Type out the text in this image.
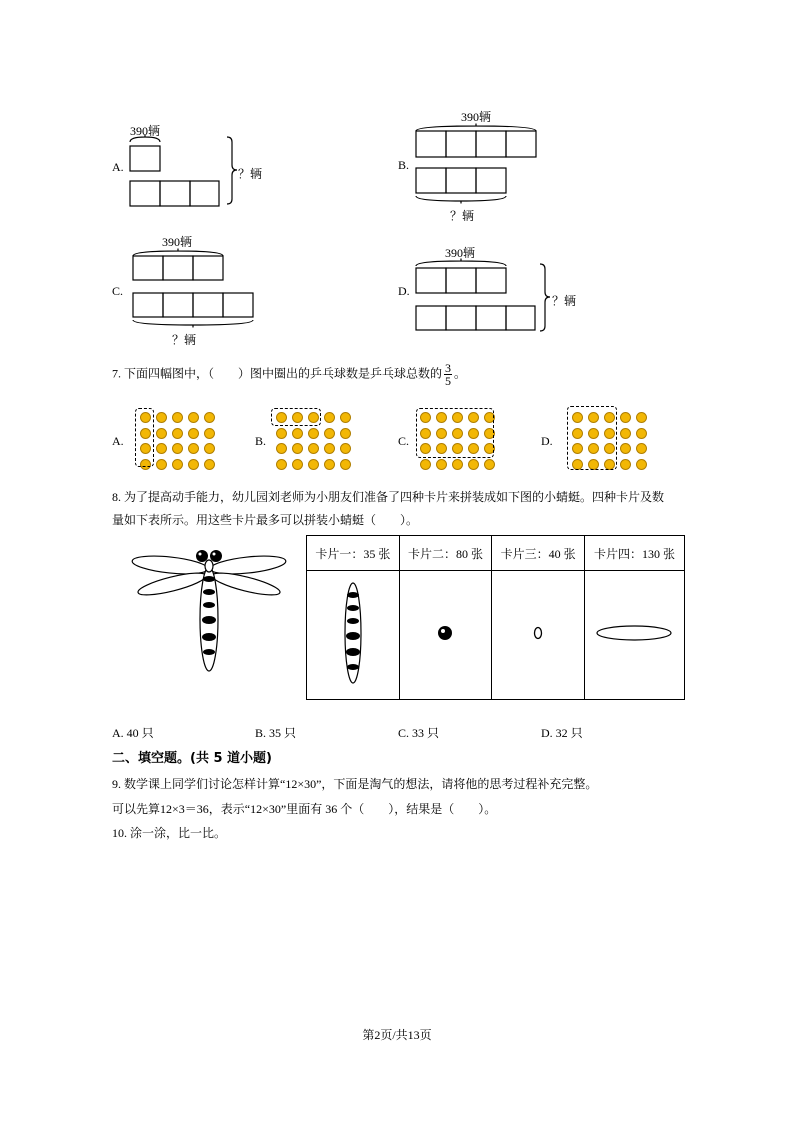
A.
390辆
？辆
B.
390辆
？辆
C.
390辆
？辆
D.
390辆
？辆
7. 下面四幅图中，（　　）图中圈出的乒乓球数是乒乓球总数的 $\frac{3}{5}$ 。
A.	B.	C.	D.
8. 为了提高动手能力，幼儿园刘老师为小朋友们准备了四种卡片来拼装成如下图的小蜻蜓。四种卡片及数
量如下表所示。用这些卡片最多可以拼装小蜻蜓（　　）。
卡片一：35 张	卡片二：80 张	卡片三：40 张	卡片四：130 张

A. 40 只	B. 35 只	C. 33 只	D. 32 只
二、填空题。(共 5 道小题)
9. 数学课上同学们讨论怎样计算“12×30”，下面是淘气的想法，请将他的思考过程补充完整。
可以先算12×3＝36，表示“12×30”里面有 36 个（　　），结果是（　　）。
10. 涂一涂，比一比。
第2页/共13页
